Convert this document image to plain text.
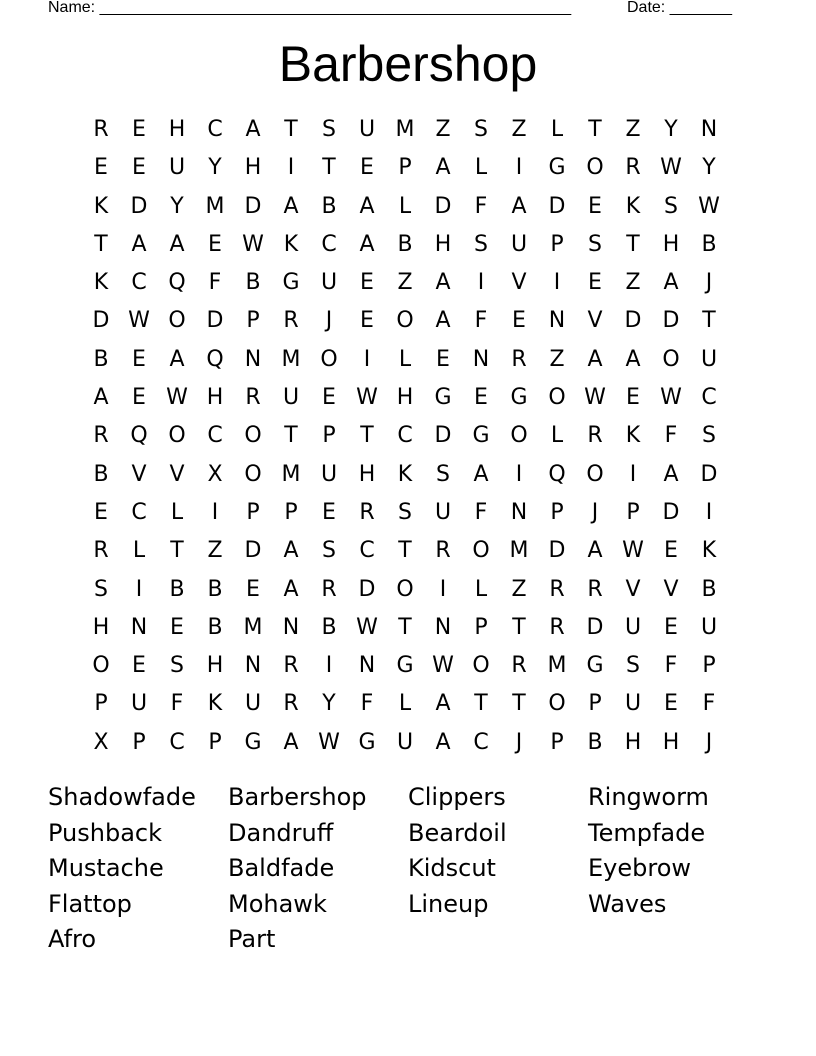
Name: _____________________________________________________	Date: _______
Barbershop
R	E	H	C	A	T	S	U M Z	S	Z	L	T	Z	Y	N
E	E	U	Y	H	I	T	E	P	A	L	I	G O R W Y
K	D	Y M D	A	B	A	L	D	F	A D	E	K	S W
T	A	A	E W K	C	A	B	H	S	U	P	S	T	H	B
K	C Q	F	B G U	E	Z	A	I	V	I	E	Z	A	J
D W O D	P	R	J	E	O A	F	E	N	V D D	T
B	E	A Q N M O	I	L	E	N	R	Z	A	A O U
A	E W H	R	U	E W H G	E	G O W E W C
R Q O C O	T	P	T	C D G O	L	R	K	F	S
B	V	V	X O M U H	K	S	A	I	Q O	I	A D
E	C	L	I	P	P	E	R	S	U	F	N	P	J	P	D	I
R	L	T	Z D	A	S	C	T	R O M D	A W E	K
S	I	B	B	E	A	R D O	I	L	Z	R	R	V	V	B
H N	E	B M N	B W T	N	P	T	R D U	E	U
O	E	S	H N	R	I	N G W O R M G	S	F	P
P	U	F	K	U	R	Y	F	L	A	T	T	O	P	U	E	F
X	P	C	P	G A W G U	A	C	J	P	B	H H	J
Shadowfade	Barbershop	Clippers	Ringworm
Pushback	Dandruff	Beardoil	Tempfade
Mustache	Baldfade	Kidscut	Eyebrow
Flattop	Mohawk	Lineup	Waves
Afro	Part
